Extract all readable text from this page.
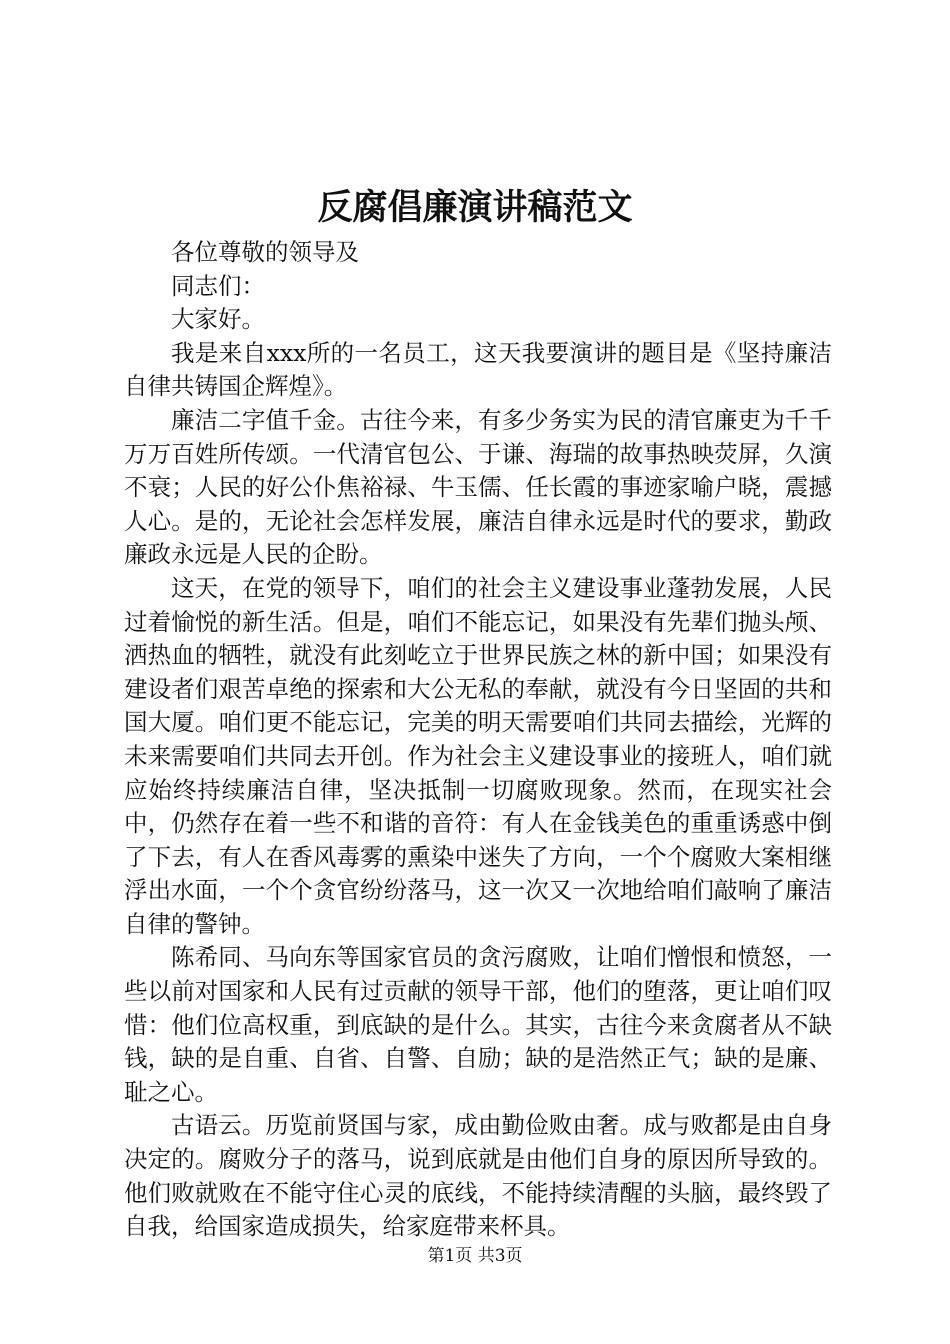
反腐倡廉演讲稿范文

各位尊敬的领导及

同志们：

大家好。

我是来自xxx所的一名员工，这天我要演讲的题目是《坚持廉洁自律共铸国企辉煌》。

廉洁二字值千金。古往今来，有多少务实为民的清官廉吏为千千万万百姓所传颂。一代清官包公、于谦、海瑞的故事热映荧屏，久演不衰；人民的好公仆焦裕禄、牛玉儒、任长霞的事迹家喻户晓，震撼人心。是的，无论社会怎样发展，廉洁自律永远是时代的要求，勤政廉政永远是人民的企盼。

这天，在党的领导下，咱们的社会主义建设事业蓬勃发展，人民过着愉悦的新生活。但是，咱们不能忘记，如果没有先辈们抛头颅、洒热血的牺牲，就没有此刻屹立于世界民族之林的新中国；如果没有建设者们艰苦卓绝的探索和大公无私的奉献，就没有今日坚固的共和国大厦。咱们更不能忘记，完美的明天需要咱们共同去描绘，光辉的未来需要咱们共同去开创。作为社会主义建设事业的接班人，咱们就应始终持续廉洁自律，坚决抵制一切腐败现象。然而，在现实社会中，仍然存在着一些不和谐的音符：有人在金钱美色的重重诱惑中倒了下去，有人在香风毒雾的熏染中迷失了方向，一个个腐败大案相继浮出水面，一个个贪官纷纷落马，这一次又一次地给咱们敲响了廉洁自律的警钟。

陈希同、马向东等国家官员的贪污腐败，让咱们憎恨和愤怒，一些以前对国家和人民有过贡献的领导干部，他们的堕落，更让咱们叹惜：他们位高权重，到底缺的是什么。其实，古往今来贪腐者从不缺钱，缺的是自重、自省、自警、自励；缺的是浩然正气；缺的是廉、耻之心。

古语云。历览前贤国与家，成由勤俭败由奢。成与败都是由自身决定的。腐败分子的落马，说到底就是由他们自身的原因所导致的。他们败就败在不能守住心灵的底线，不能持续清醒的头脑，最终毁了自我，给国家造成损失，给家庭带来杯具。

第1页 共3页
